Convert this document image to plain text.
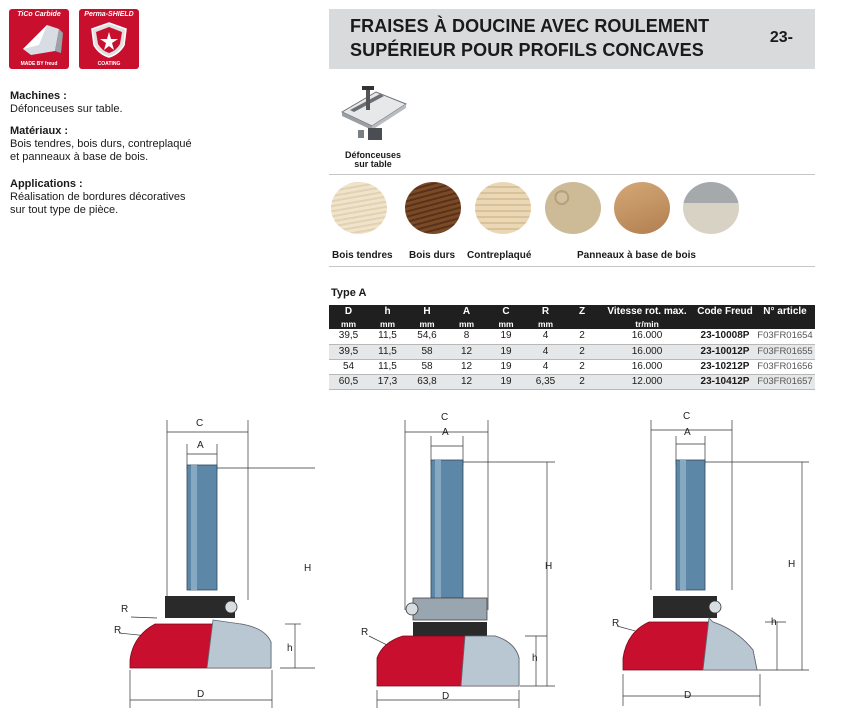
TiCo Carbide
MADE BY freud
Perma-SHIELD
COATING
Machines :
Défonceuses sur table.
Matériaux :
Bois tendres, bois durs, contreplaqué
et panneaux à base de bois.
Applications :
Réalisation de bordures décoratives
sur tout type de pièce.
FRAISES À DOUCINE AVEC ROULEMENT
SUPÉRIEUR POUR PROFILS CONCAVES
23-
Défonceuses
sur table
Bois tendres Bois durs Contreplaqué	Panneaux à base de bois
Type A
D	h	H	A	C	R	Z	Vitesse rot. max.	Code Freud	N° article
mm	mm	mm	mm	mm	mm		tr/min		
39,5	11,5	54,6	8	19	4	2	16.000	23-10008P	F03FR01654
39,5	11,5	58	12	19	4	2	16.000	23-10012P	F03FR01655
54	11,5	58	12	19	4	2	16.000	23-10212P	F03FR01656
60,5	17,3	63,8	12	19	6,35	2	12.000	23-10412P	F03FR01657
C
A
H
h
D
R
R
C
A
H
h
D
R
C
A
H
h
D
R
